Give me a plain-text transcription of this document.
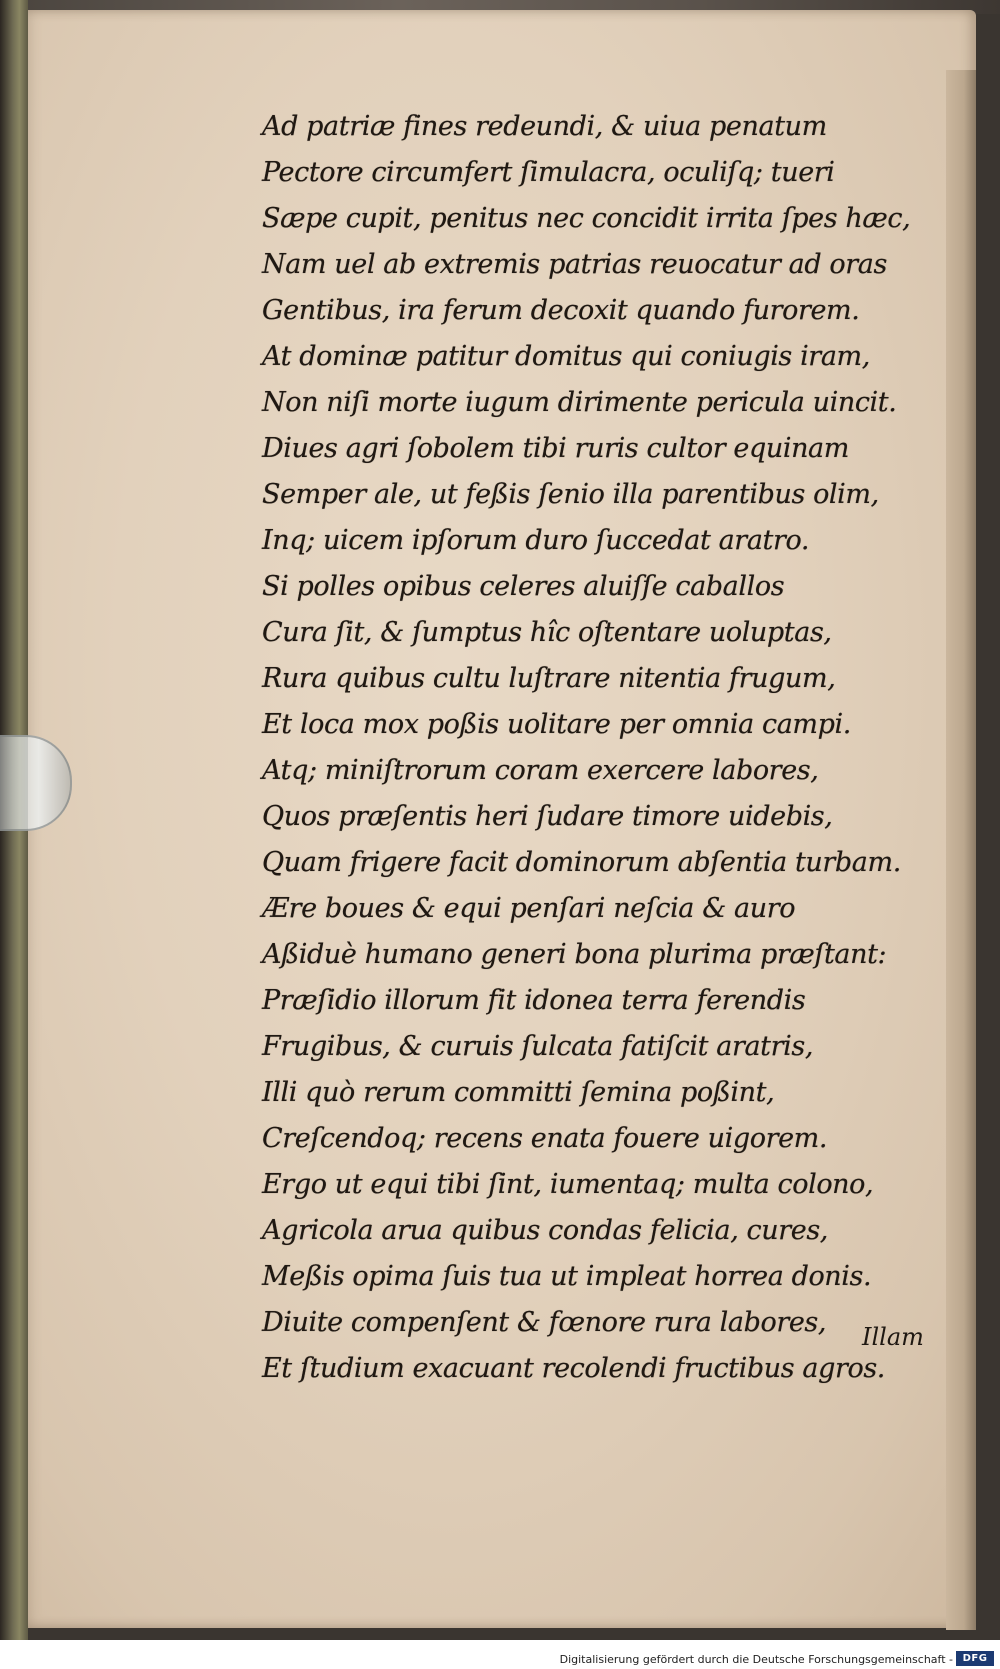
Ad patriæ fines redeundi, & uiua penatum
Pectore circumfert ſimulacra, oculiſq; tueri
Sæpe cupit, penitus nec concidit irrita ſpes hæc,
Nam uel ab extremis patrias reuocatur ad oras
Gentibus, ira ferum decoxit quando furorem.
At dominæ patitur domitus qui coniugis iram,
Non niſi morte iugum dirimente pericula uincit.
Diues agri ſobolem tibi ruris cultor equinam
Semper ale, ut feßis ſenio illa parentibus olim,
Inq; uicem ipſorum duro ſuccedat aratro.
Si polles opibus celeres aluiſſe caballos
Cura ſit, & ſumptus hîc oſtentare uoluptas,
Rura quibus cultu luſtrare nitentia frugum,
Et loca mox poßis uolitare per omnia campi.
Atq; miniſtrorum coram exercere labores,
Quos præſentis heri ſudare timore uidebis,
Quam frigere facit dominorum abſentia turbam.
Ære boues & equi penſari neſcia & auro
Aßiduè humano generi bona plurima præſtant:
Præſidio illorum fit idonea terra ferendis
Frugibus, & curuis ſulcata fatiſcit aratris,
Illi quò rerum committi ſemina poßint,
Creſcendoq; recens enata fouere uigorem.
Ergo ut equi tibi ſint, iumentaq; multa colono,
Agricola arua quibus condas felicia, cures,
Meßis opima ſuis tua ut impleat horrea donis.
Diuite compenſent & fœnore rura labores,
Et ſtudium exacuant recolendi fructibus agros.
Illam
Digitalisierung gefördert durch die Deutsche Forschungsgemeinschaft - DFG
